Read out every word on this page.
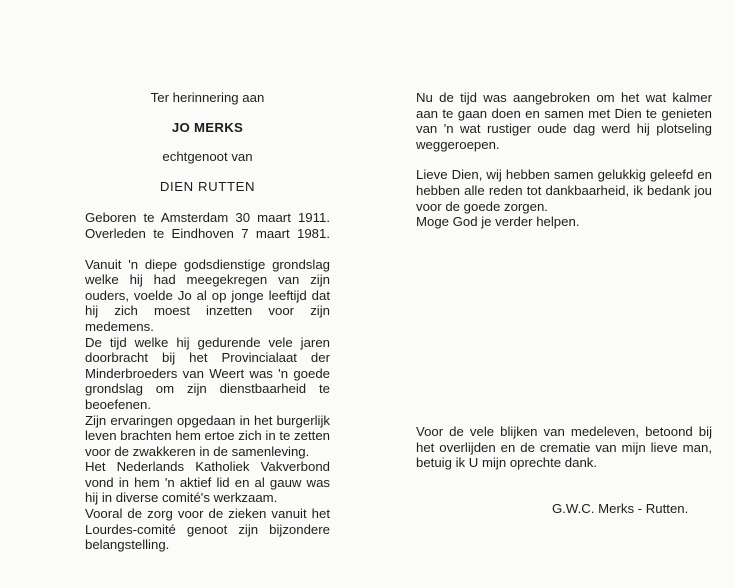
Ter herinnering aan
JO MERKS
echtgenoot van
DIEN RUTTEN
Geboren te Amsterdam 30 maart 1911.
Overleden te Eindhoven 7 maart 1981.

Vanuit 'n diepe godsdienstige grondslag welke hij had meegekregen van zijn ouders, voelde Jo al op jonge leeftijd dat hij zich moest inzetten voor zijn medemens.

De tijd welke hij gedurende vele jaren doorbracht bij het Provincialaat der Minderbroeders van Weert was 'n goede grondslag om zijn dienstbaarheid te beoefenen.

Zijn ervaringen opgedaan in het burgerlijk leven brachten hem ertoe zich in te zetten voor de zwakkeren in de samenleving.

Het Nederlands Katholiek Vakverbond vond in hem 'n aktief lid en al gauw was hij in diverse comité's werkzaam.

Vooral de zorg voor de zieken vanuit het Lourdes-comité genoot zijn bijzondere belangstelling.

Nu de tijd was aangebroken om het wat kalmer aan te gaan doen en samen met Dien te genieten van 'n wat rustiger oude dag werd hij plotseling weggeroepen.

Lieve Dien, wij hebben samen gelukkig geleefd en hebben alle reden tot dankbaarheid, ik bedank jou voor de goede zorgen.

Moge God je verder helpen.

Voor de vele blijken van medeleven, betoond bij het overlijden en de crematie van mijn lieve man, betuig ik U mijn oprechte dank.
G.W.C. Merks - Rutten.
